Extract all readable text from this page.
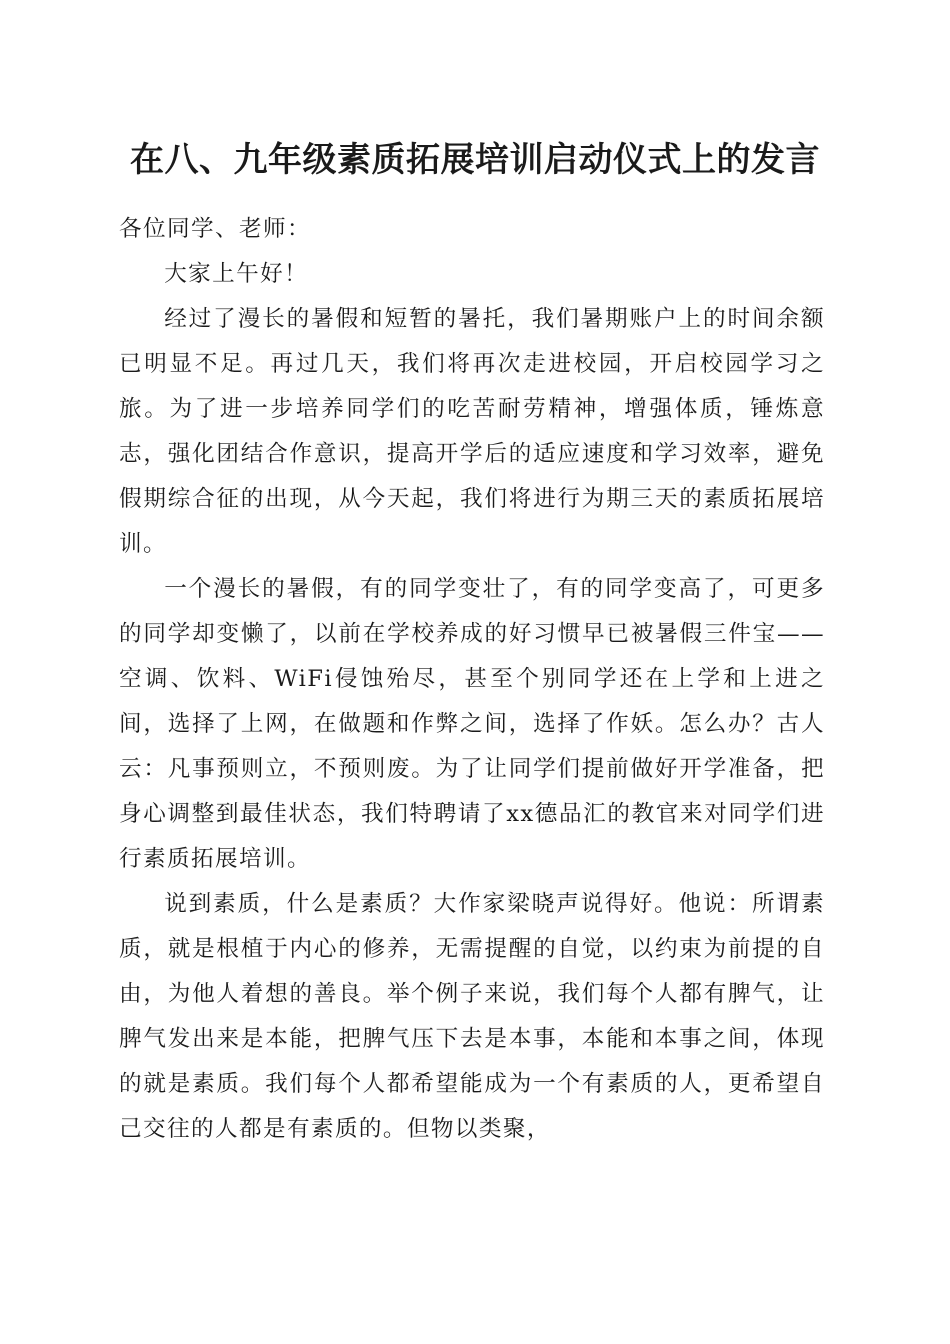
在八、九年级素质拓展培训启动仪式上的发言

各位同学、老师：

大家上午好！

经过了漫长的暑假和短暂的暑托，我们暑期账户上的时间余额已明显不足。再过几天，我们将再次走进校园，开启校园学习之旅。为了进一步培养同学们的吃苦耐劳精神，增强体质，锤炼意志，强化团结合作意识，提高开学后的适应速度和学习效率，避免假期综合征的出现，从今天起，我们将进行为期三天的素质拓展培训。

一个漫长的暑假，有的同学变壮了，有的同学变高了，可更多的同学却变懒了，以前在学校养成的好习惯早已被暑假三件宝——空调、饮料、WiFi侵蚀殆尽，甚至个别同学还在上学和上进之间，选择了上网，在做题和作弊之间，选择了作妖。怎么办？古人云：凡事预则立，不预则废。为了让同学们提前做好开学准备，把身心调整到最佳状态，我们特聘请了xx德品汇的教官来对同学们进行素质拓展培训。

说到素质，什么是素质？大作家梁晓声说得好。他说：所谓素质，就是根植于内心的修养，无需提醒的自觉，以约束为前提的自由，为他人着想的善良。举个例子来说，我们每个人都有脾气，让脾气发出来是本能，把脾气压下去是本事，本能和本事之间，体现的就是素质。我们每个人都希望能成为一个有素质的人，更希望自己交往的人都是有素质的。但物以类聚，
